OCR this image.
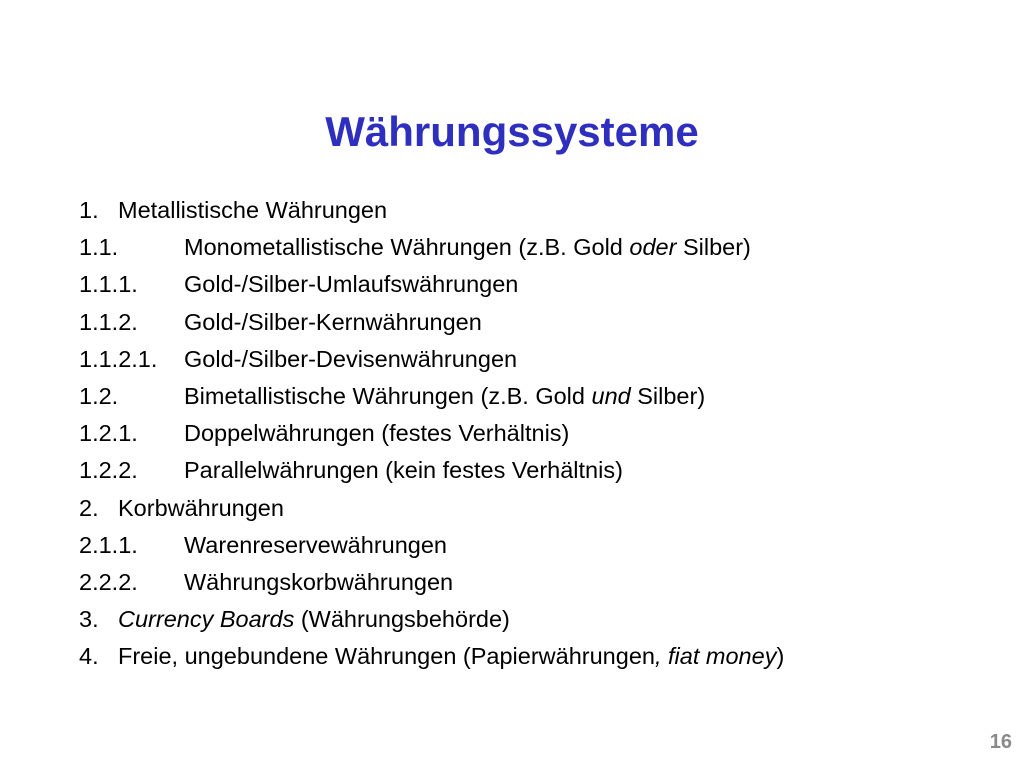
Währungssysteme
1. Metallistische Währungen
1.1.	Monometallistische Währungen (z.B. Gold oder Silber)
1.1.1. Gold-/Silber-Umlaufswährungen
1.1.2. Gold-/Silber-Kernwährungen
1.1.2.1. Gold-/Silber-Devisenwährungen
1.2.	Bimetallistische Währungen (z.B. Gold und Silber)
1.2.1. Doppelwährungen (festes Verhältnis)
1.2.2. Parallelwährungen (kein festes Verhältnis)
2. Korbwährungen
2.1.1. Warenreservewährungen
2.2.2. Währungskorbwährungen
3. Currency Boards (Währungsbehörde)
4. Freie, ungebundene Währungen (Papierwährungen, fiat money)
16
